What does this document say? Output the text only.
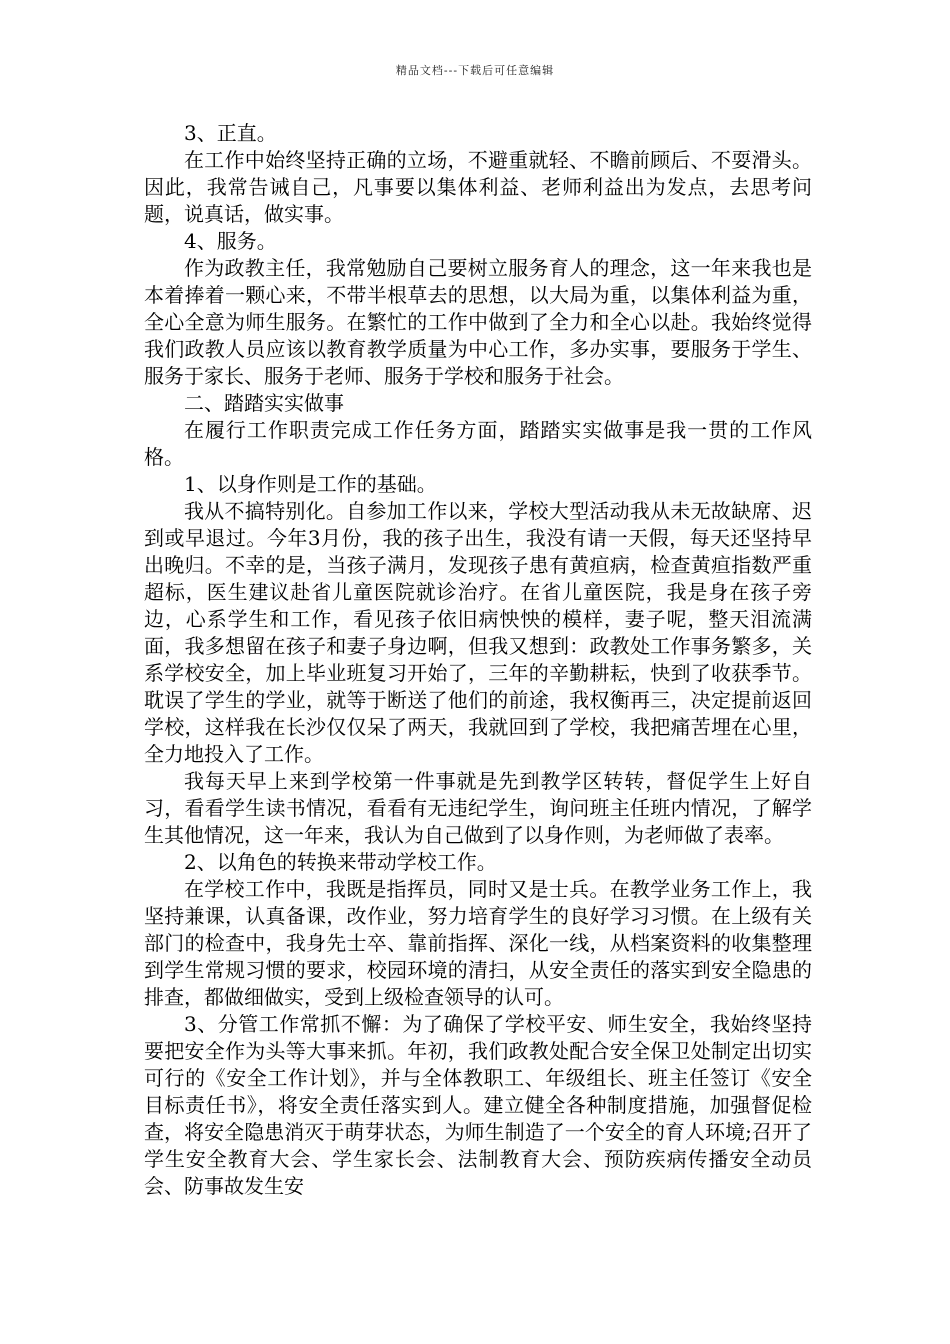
精品文档---下载后可任意编辑

3、正直。

在工作中始终坚持正确的立场，不避重就轻、不瞻前顾后、不耍滑头。因此，我常告诫自己，凡事要以集体利益、老师利益出为发点，去思考问题，说真话，做实事。

4、服务。

作为政教主任，我常勉励自己要树立服务育人的理念，这一年来我也是本着捧着一颗心来，不带半根草去的思想，以大局为重，以集体利益为重，全心全意为师生服务。在繁忙的工作中做到了全力和全心以赴。我始终觉得我们政教人员应该以教育教学质量为中心工作，多办实事，要服务于学生、服务于家长、服务于老师、服务于学校和服务于社会。

二、踏踏实实做事

在履行工作职责完成工作任务方面，踏踏实实做事是我一贯的工作风格。

1、以身作则是工作的基础。

我从不搞特别化。自参加工作以来，学校大型活动我从未无故缺席、迟到或早退过。今年3月份，我的孩子出生，我没有请一天假，每天还坚持早出晚归。不幸的是，当孩子满月，发现孩子患有黄疸病，检查黄疸指数严重超标，医生建议赴省儿童医院就诊治疗。在省儿童医院，我是身在孩子旁边，心系学生和工作，看见孩子依旧病怏怏的模样，妻子呢，整天泪流满面，我多想留在孩子和妻子身边啊，但我又想到：政教处工作事务繁多，关系学校安全，加上毕业班复习开始了，三年的辛勤耕耘，快到了收获季节。耽误了学生的学业，就等于断送了他们的前途，我权衡再三，决定提前返回学校，这样我在长沙仅仅呆了两天，我就回到了学校，我把痛苦埋在心里，全力地投入了工作。

我每天早上来到学校第一件事就是先到教学区转转，督促学生上好自习，看看学生读书情况，看看有无违纪学生，询问班主任班内情况，了解学生其他情况，这一年来，我认为自己做到了以身作则，为老师做了表率。

2、以角色的转换来带动学校工作。

在学校工作中，我既是指挥员，同时又是士兵。在教学业务工作上，我坚持兼课，认真备课，改作业，努力培育学生的良好学习习惯。在上级有关部门的检查中，我身先士卒、靠前指挥、深化一线，从档案资料的收集整理到学生常规习惯的要求，校园环境的清扫，从安全责任的落实到安全隐患的排查，都做细做实，受到上级检查领导的认可。

3、分管工作常抓不懈：为了确保了学校平安、师生安全，我始终坚持要把安全作为头等大事来抓。年初，我们政教处配合安全保卫处制定出切实可行的《安全工作计划》，并与全体教职工、年级组长、班主任签订《安全目标责任书》，将安全责任落实到人。建立健全各种制度措施，加强督促检查，将安全隐患消灭于萌芽状态，为师生制造了一个安全的育人环境;召开了学生安全教育大会、学生家长会、法制教育大会、预防疾病传播安全动员会、防事故发生安
